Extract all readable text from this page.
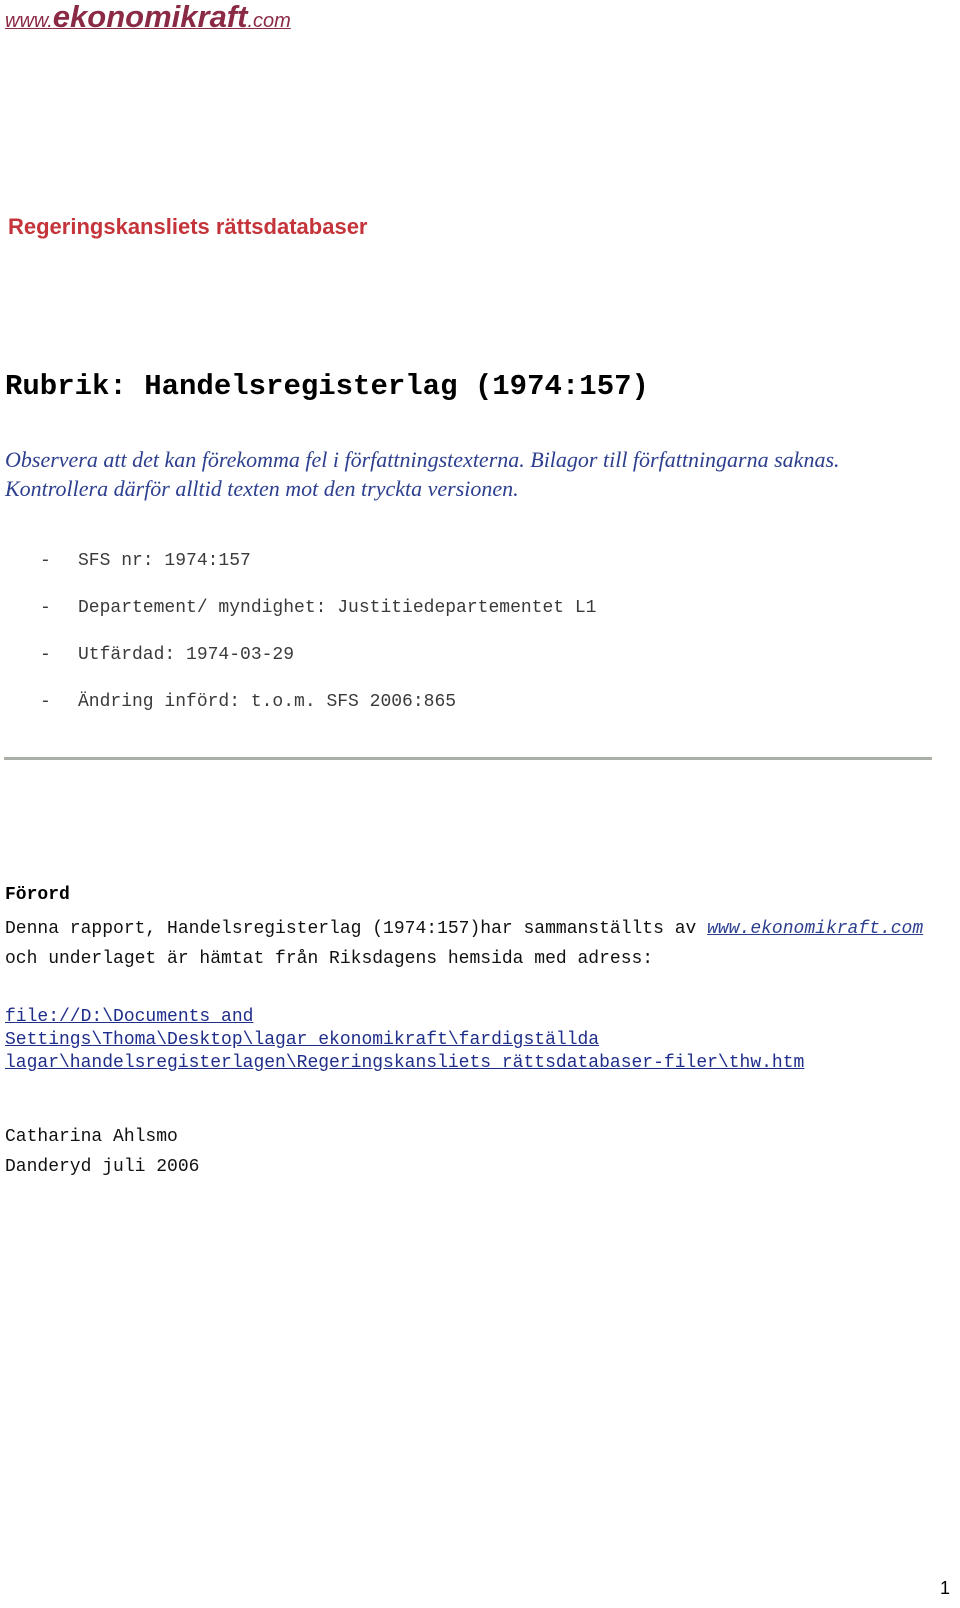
www.ekonomikraft.com
Regeringskansliets rättsdatabaser
Rubrik: Handelsregisterlag (1974:157)
Observera att det kan förekomma fel i författningstexterna. Bilagor till författningarna saknas. Kontrollera därför alltid texten mot den tryckta versionen.
- SFS nr: 1974:157
- Departement/ myndighet: Justitiedepartementet L1
- Utfärdad: 1974-03-29
- Ändring införd: t.o.m. SFS 2006:865
Förord
Denna rapport, Handelsregisterlag (1974:157)har sammanställts av www.ekonomikraft.com och underlaget är hämtat från Riksdagens hemsida med adress:
file://D:\Documents and
Settings\Thoma\Desktop\lagar ekonomikraft\fardigställda
lagar\handelsregisterlagen\Regeringskansliets rättsdatabaser-filer\thw.htm
Catharina Ahlsmo
Danderyd juli 2006
1
